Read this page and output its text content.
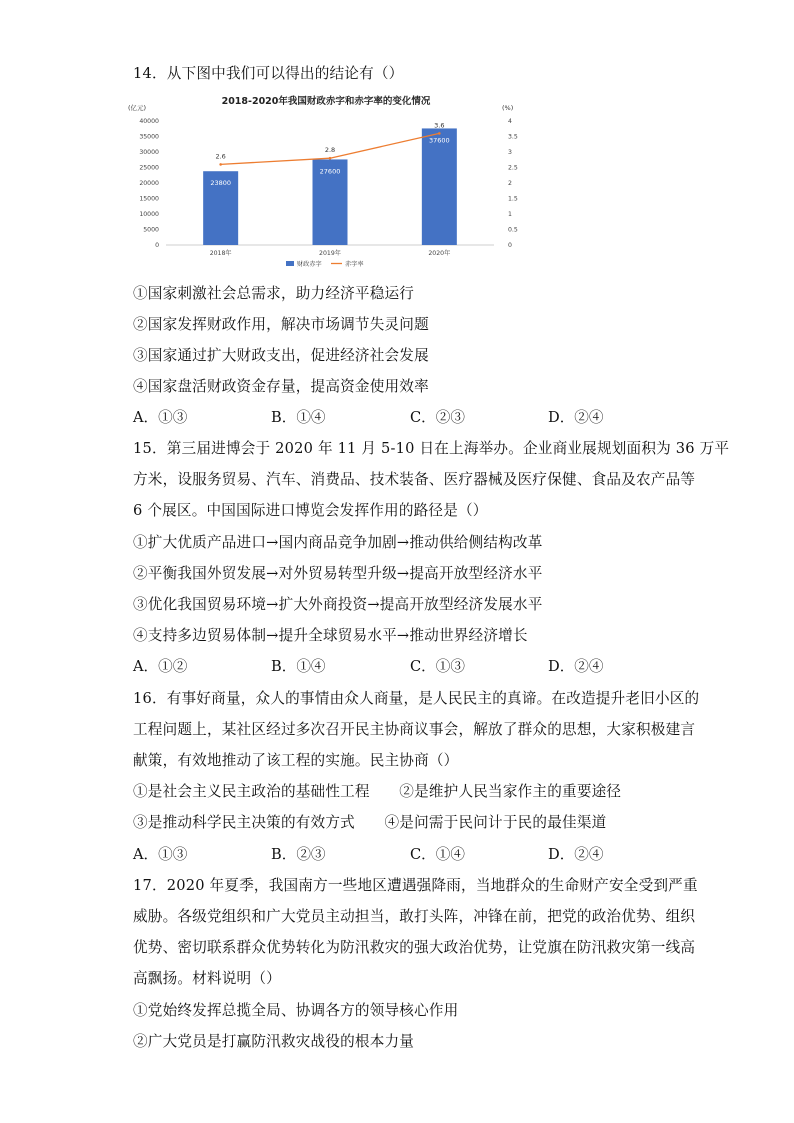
14．从下图中我们可以得出的结论有（）
2018-2020年我国财政赤字和赤字率的变化情况
(亿元)	(%)
0
5000
10000
15000
20000
25000
30000
35000
40000
0
0.5
1
1.5
2
2.5
3
3.5
4
23800
2018年
27600
2019年
37600
2020年
2.6
2.8
3.6
财政赤字	赤字率
①国家刺激社会总需求，助力经济平稳运行
②国家发挥财政作用，解决市场调节失灵问题
③国家通过扩大财政支出，促进经济社会发展
④国家盘活财政资金存量，提高资金使用效率
A．①③	B．①④	C．②③	D．②④
15．第三届进博会于 2020 年 11 月 5-10 日在上海举办。企业商业展规划面积为 36 万平
方米，设服务贸易、汽车、消费品、技术装备、医疗器械及医疗保健、食品及农产品等
6 个展区。中国国际进口博览会发挥作用的路径是（）
①扩大优质产品进口→国内商品竞争加剧→推动供给侧结构改革
②平衡我国外贸发展→对外贸易转型升级→提高开放型经济水平
③优化我国贸易环境→扩大外商投资→提高开放型经济发展水平
④支持多边贸易体制→提升全球贸易水平→推动世界经济增长
A．①②	B．①④	C．①③	D．②④
16．有事好商量，众人的事情由众人商量，是人民民主的真谛。在改造提升老旧小区的
工程问题上，某社区经过多次召开民主协商议事会，解放了群众的思想，大家积极建言
献策，有效地推动了该工程的实施。民主协商（）
①是社会主义民主政治的基础性工程　　②是维护人民当家作主的重要途径
③是推动科学民主决策的有效方式　　④是问需于民问计于民的最佳渠道
A．①③	B．②③	C．①④	D．②④
17．2020 年夏季，我国南方一些地区遭遇强降雨，当地群众的生命财产安全受到严重
威胁。各级党组织和广大党员主动担当，敢打头阵，冲锋在前，把党的政治优势、组织
优势、密切联系群众优势转化为防汛救灾的强大政治优势，让党旗在防汛救灾第一线高
高飘扬。材料说明（）
①党始终发挥总揽全局、协调各方的领导核心作用
②广大党员是打赢防汛救灾战役的根本力量
